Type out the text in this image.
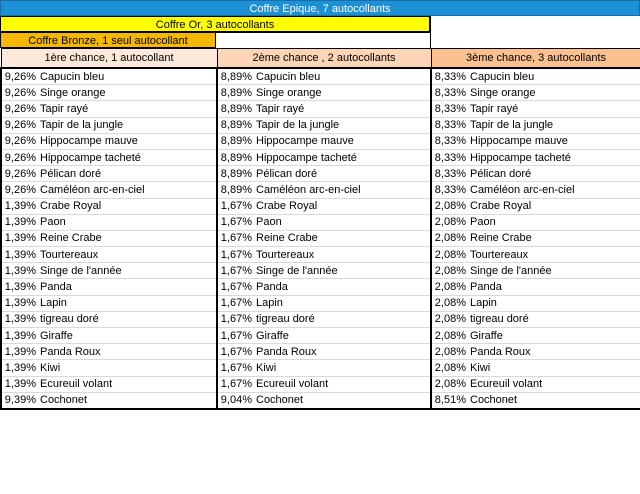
Coffre Epique, 7 autocollants
Coffre Or, 3 autocollants
Coffre Bronze, 1 seul autocollant
1ère chance, 1 autocollant	2ème chance , 2 autocollants	3ème chance, 3 autocollants

9,26% Capucin bleu	8,89% Capucin bleu	8,33% Capucin bleu

9,26% Singe orange	8,89% Singe orange	8,33% Singe orange

9,26% Tapir rayé	8,89% Tapir rayé	8,33% Tapir rayé

9,26% Tapir de la jungle	8,89% Tapir de la jungle	8,33% Tapir de la jungle

9,26% Hippocampe mauve	8,89% Hippocampe mauve	8,33% Hippocampe mauve

9,26% Hippocampe tacheté	8,89% Hippocampe tacheté	8,33% Hippocampe tacheté

9,26% Pélican doré	8,89% Pélican doré	8,33% Pélican doré

9,26% Caméléon arc-en-ciel	8,89% Caméléon arc-en-ciel	8,33% Caméléon arc-en-ciel

1,39% Crabe Royal	1,67% Crabe Royal	2,08% Crabe Royal

1,39% Paon	1,67% Paon	2,08% Paon

1,39% Reine Crabe	1,67% Reine Crabe	2,08% Reine Crabe

1,39% Tourtereaux	1,67% Tourtereaux	2,08% Tourtereaux

1,39% Singe de l'année	1,67% Singe de l'année	2,08% Singe de l'année

1,39% Panda	1,67% Panda	2,08% Panda

1,39% Lapin	1,67% Lapin	2,08% Lapin

1,39% tigreau doré	1,67% tigreau doré	2,08% tigreau doré

1,39% Giraffe	1,67% Giraffe	2,08% Giraffe

1,39% Panda Roux	1,67% Panda Roux	2,08% Panda Roux

1,39% Kiwi	1,67% Kiwi	2,08% Kiwi

1,39% Ecureuil volant	1,67% Ecureuil volant	2,08% Ecureuil volant

9,39% Cochonet	9,04% Cochonet	8,51% Cochonet
